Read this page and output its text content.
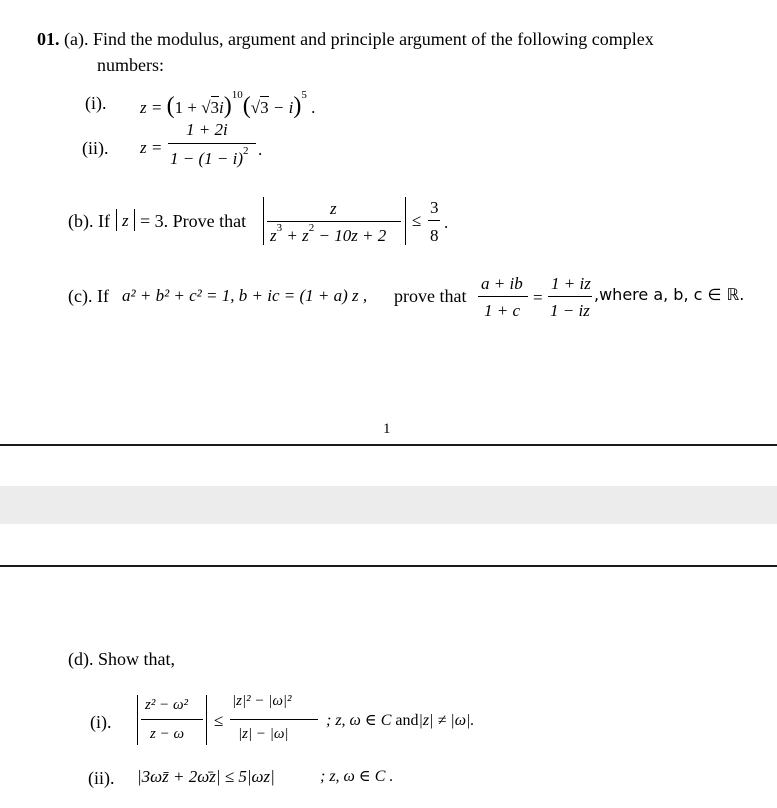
01. (a). Find the modulus, argument and principle argument of the following complex
numbers:
(i). $z = (1 + √3i)^{10}(√3 - i)^5$ .
(ii). z =
1 + 2i
$1 - (1 - i)^2$ .
(b). If z = 3. Prove that
z
$z^3 + z^2 - 10z + 2$
≤
3
8
.
(c). If a² + b² + c² = 1, b + ic = (1 + a) z , prove that
a + ib
1 + c
=
1 + iz
1 − iz
,where a, b, c ∈ ℝ.
1
(d). Show that,
(i).
z² − ω²
z − ω
≤
|z|² − |ω|²
|z| − |ω|
; z, ω ∈ C and|z| ≠ |ω|.
(ii). |3ωz̄ + 2ω̄z| ≤ 5|ωz|	; z, ω ∈ C .
